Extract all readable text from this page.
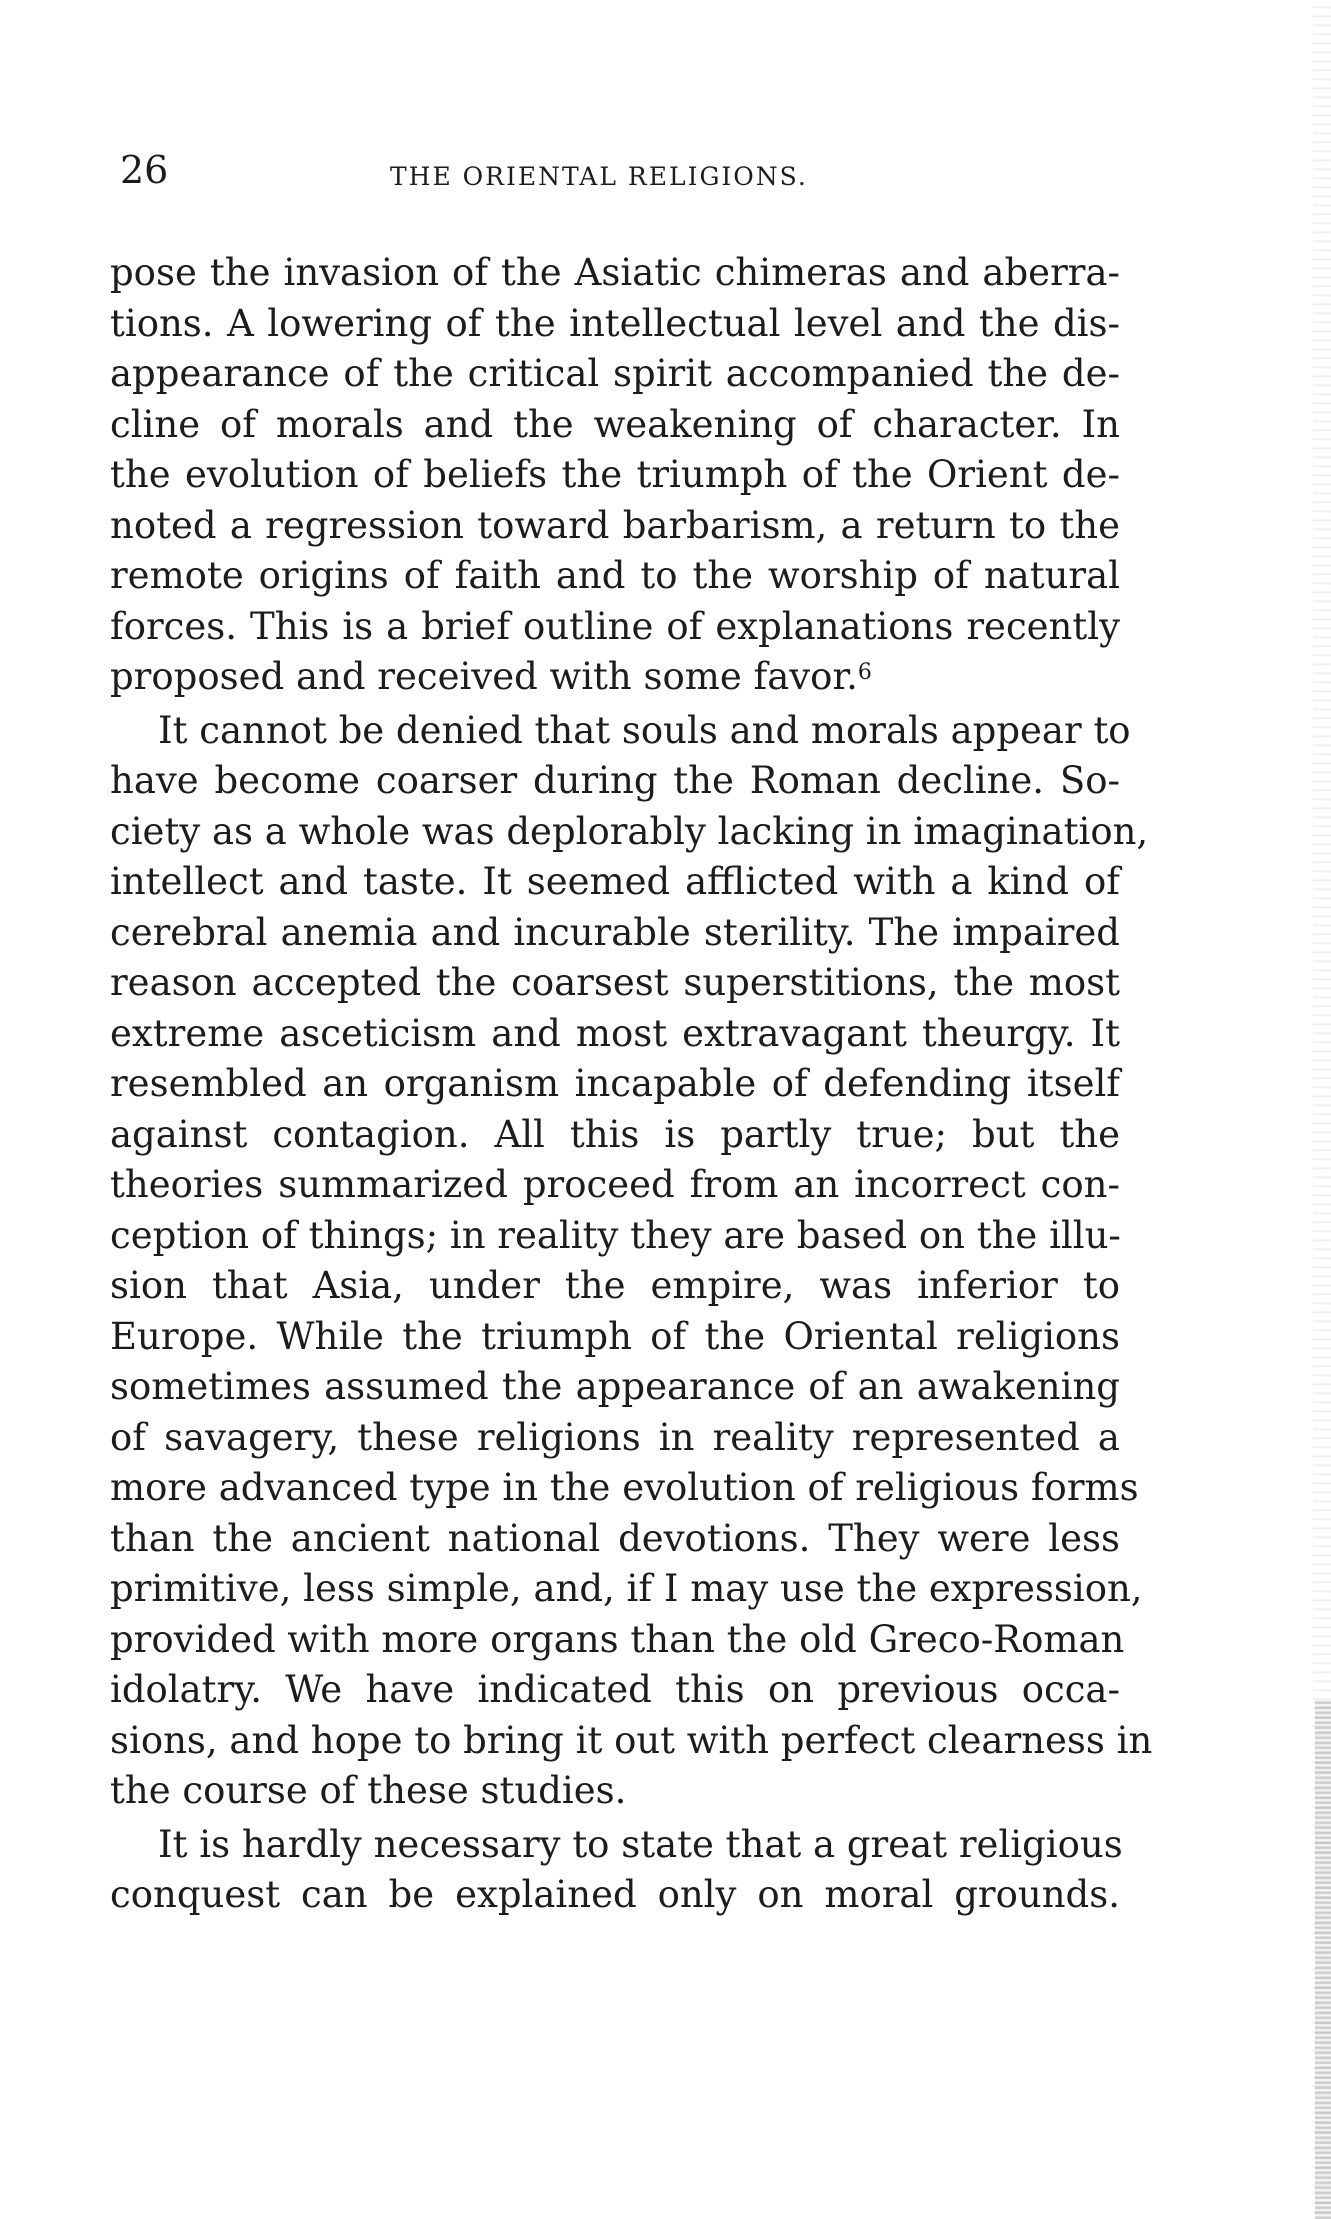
26	THE ORIENTAL RELIGIONS.
pose the invasion of the Asiatic chimeras and aberra-
tions. A lowering of the intellectual level and the dis-
appearance of the critical spirit accompanied the de-
cline of morals and the weakening of character. In
the evolution of beliefs the triumph of the Orient de-
noted a regression toward barbarism, a return to the
remote origins of faith and to the worship of natural
forces. This is a brief outline of explanations recently
proposed and received with some favor.$^6$
It cannot be denied that souls and morals appear to
have become coarser during the Roman decline. So-
ciety as a whole was deplorably lacking in imagination,
intellect and taste. It seemed afflicted with a kind of
cerebral anemia and incurable sterility. The impaired
reason accepted the coarsest superstitions, the most
extreme asceticism and most extravagant theurgy. It
resembled an organism incapable of defending itself
against contagion. All this is partly true; but the
theories summarized proceed from an incorrect con-
ception of things; in reality they are based on the illu-
sion that Asia, under the empire, was inferior to
Europe. While the triumph of the Oriental religions
sometimes assumed the appearance of an awakening
of savagery, these religions in reality represented a
more advanced type in the evolution of religious forms
than the ancient national devotions. They were less
primitive, less simple, and, if I may use the expression,
provided with more organs than the old Greco-Roman
idolatry. We have indicated this on previous occa-
sions, and hope to bring it out with perfect clearness in
the course of these studies.
It is hardly necessary to state that a great religious
conquest can be explained only on moral grounds.
